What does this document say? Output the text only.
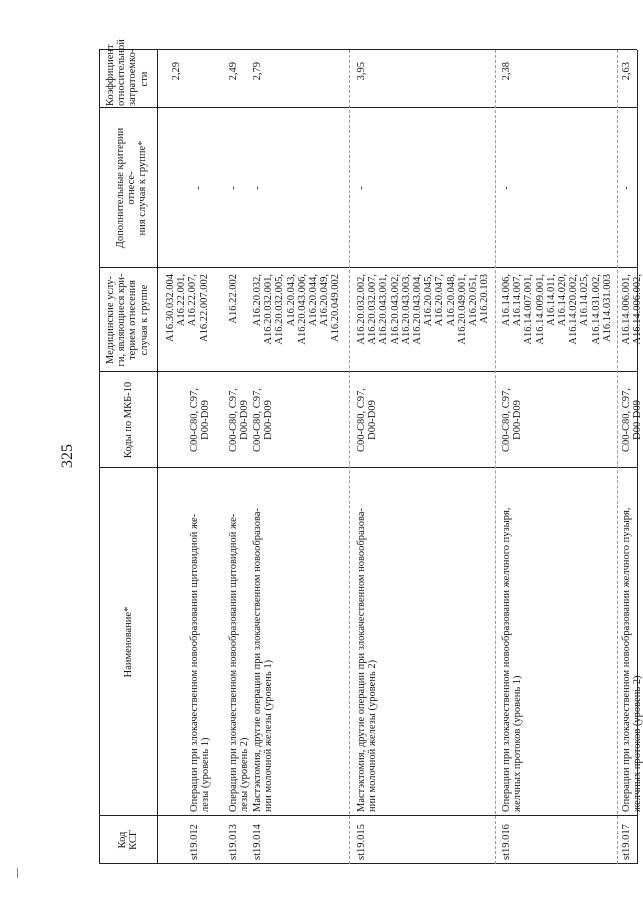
325
Код
КСГ
Наименование*
Коды по МКБ-10
Медицинские услу-
ги, являющиеся кри-
терием отнесения
случая к группе
Дополнительные критерии отнесе-
ния случая к группе*
Коэффициент
относительной
затратоемко-
сти
st19.012
Операции при злокачественном новообразовании щитовидной же-
лезы (уровень 1)
C00-C80, C97,
D00-D09
A16.30.032.004
A16.22.001,
A16.22.007,
A16.22.007.002
-
2,29
st19.013
Операции при злокачественном новообразовании щитовидной же-
лезы (уровень 2)
C00-C80, C97,
D00-D09
A16.22.002
-
2,49
st19.014
Мастэктомия, другие операции при злокачественном новообразова-
нии молочной железы (уровень 1)
C00-C80, C97,
D00-D09
A16.20.032,
A16.20.032.001,
A16.20.032.005,
A16.20.043,
A16.20.043.006,
A16.20.044,
A16.20.049,
A16.20.049.002
-
2,79
st19.015
Мастэктомия, другие операции при злокачественном новообразова-
нии молочной железы (уровень 2)
C00-C80, C97,
D00-D09
A16.20.032.002,
A16.20.032.007,
A16.20.043.001,
A16.20.043.002,
A16.20.043.003,
A16.20.043.004,
A16.20.045,
A16.20.047,
A16.20.048,
A16.20.049.001,
A16.20.051,
A16.20.103
-
3,95
st19.016
Операции при злокачественном новообразовании желчного пузыря,
желчных протоков (уровень 1)
C00-C80, C97,
D00-D09
A16.14.006,
A16.14.007,
A16.14.007.001,
A16.14.009.001,
A16.14.011,
A16.14.020,
A16.14.020.002,
A16.14.025,
A16.14.031.002,
A16.14.031.003
-
2,38
st19.017
Операции при злокачественном новообразовании желчного пузыря,
желчных протоков (уровень 2)
C00-C80, C97,
D00-D09
A16.14.006.001,
A16.14.006.002,
-
2,63
—
